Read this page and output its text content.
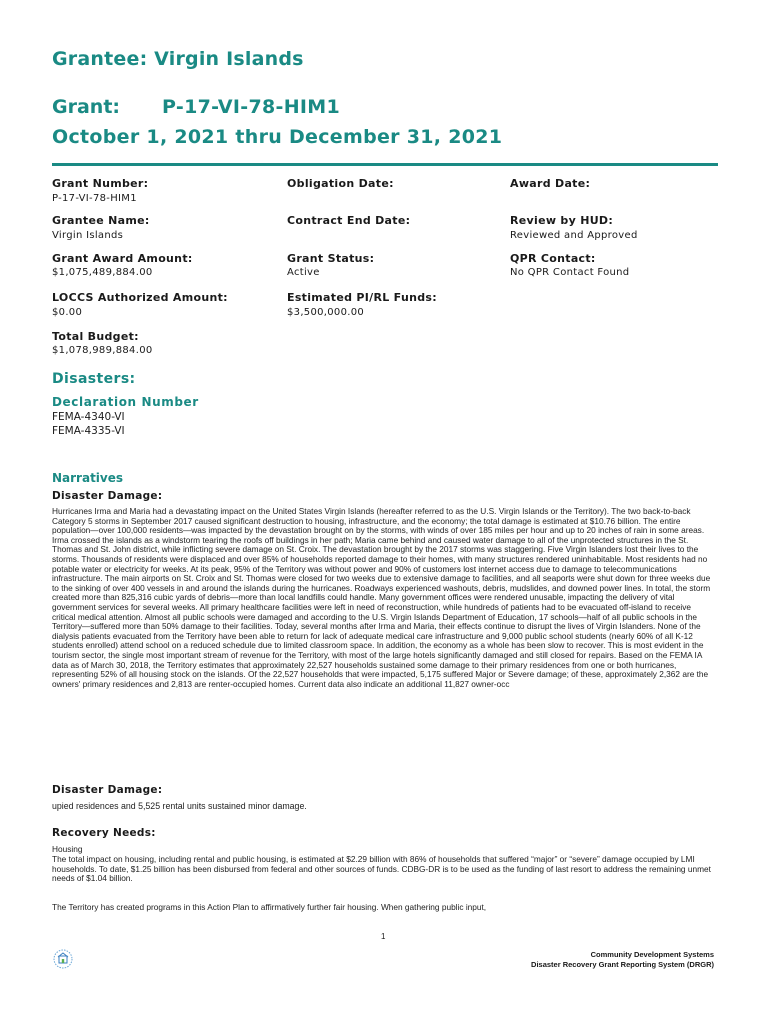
Grantee: Virgin Islands
Grant: P-17-VI-78-HIM1
October 1, 2021 thru December 31, 2021
Grant Number:
P-17-VI-78-HIM1
Obligation Date:	Award Date:
Grantee Name:
Virgin Islands
Contract End Date:	Review by HUD:
Reviewed and Approved
Grant Award Amount:
$1,075,489,884.00
Grant Status:
Active
QPR Contact:
No QPR Contact Found
LOCCS Authorized Amount:
$0.00
Estimated PI/RL Funds:
$3,500,000.00
Total Budget:
$1,078,989,884.00
Disasters:
Declaration Number
FEMA-4340-VI
FEMA-4335-VI
Narratives
Disaster Damage:
Hurricanes Irma and Maria had a devastating impact on the United States Virgin Islands (hereafter referred to as the U.S. Virgin Islands or the Territory). The two back-to-back Category 5 storms in September 2017 caused significant destruction to housing, infrastructure, and the economy; the total damage is estimated at $10.76 billion. The entire population—over 100,000 residents—was impacted by the devastation brought on by the storms, with winds of over 185 miles per hour and up to 20 inches of rain in some areas. Irma crossed the islands as a windstorm tearing the roofs off buildings in her path; Maria came behind and caused water damage to all of the unprotected structures in the St. Thomas and St. John district, while inflicting severe damage on St. Croix. The devastation brought by the 2017 storms was staggering. Five Virgin Islanders lost their lives to the storms. Thousands of residents were displaced and over 85% of households reported damage to their homes, with many structures rendered uninhabitable. Most residents had no potable water or electricity for weeks. At its peak, 95% of the Territory was without power and 90% of customers lost internet access due to damage to telecommunications infrastructure. The main airports on St. Croix and St. Thomas were closed for two weeks due to extensive damage to facilities, and all seaports were shut down for three weeks due to the sinking of over 400 vessels in and around the islands during the hurricanes. Roadways experienced washouts, debris, mudslides, and downed power lines. In total, the storm created more than 825,316 cubic yards of debris—more than local landfills could handle. Many government offices were rendered unusable, impacting the delivery of vital government services for several weeks. All primary healthcare facilities were left in need of reconstruction, while hundreds of patients had to be evacuated off-island to receive critical medical attention. Almost all public schools were damaged and according to the U.S. Virgin Islands Department of Education, 17 schools—half of all public schools in the Territory—suffered more than 50% damage to their facilities. Today, several months after Irma and Maria, their effects continue to disrupt the lives of Virgin Islanders. None of the dialysis patients evacuated from the Territory have been able to return for lack of adequate medical care infrastructure and 9,000 public school students (nearly 60% of all K-12 students enrolled) attend school on a reduced schedule due to limited classroom space. In addition, the economy as a whole has been slow to recover. This is most evident in the tourism sector, the single most important stream of revenue for the Territory, with most of the large hotels significantly damaged and still closed for repairs. Based on the FEMA IA data as of March 30, 2018, the Territory estimates that approximately 22,527 households sustained some damage to their primary residences from one or both hurricanes, representing 52% of all housing stock on the islands. Of the 22,527 households that were impacted, 5,175 suffered Major or Severe damage; of these, approximately 2,362 are the owners' primary residences and 2,813 are renter-occupied homes. Current data also indicate an additional 11,827 owner-occ
Disaster Damage:
upied residences and 5,525 rental units sustained minor damage.
Recovery Needs:
Housing
The total impact on housing, including rental and public housing, is estimated at $2.29 billion with 86% of households that suffered “major” or “severe” damage occupied by LMI households. To date, $1.25 billion has been disbursed from federal and other sources of funds. CDBG-DR is to be used as the funding of last resort to address the remaining unmet needs of $1.04 billion.
The Territory has created programs in this Action Plan to affirmatively further fair housing. When gathering public input,
1
Community Development Systems
Disaster Recovery Grant Reporting System (DRGR)
